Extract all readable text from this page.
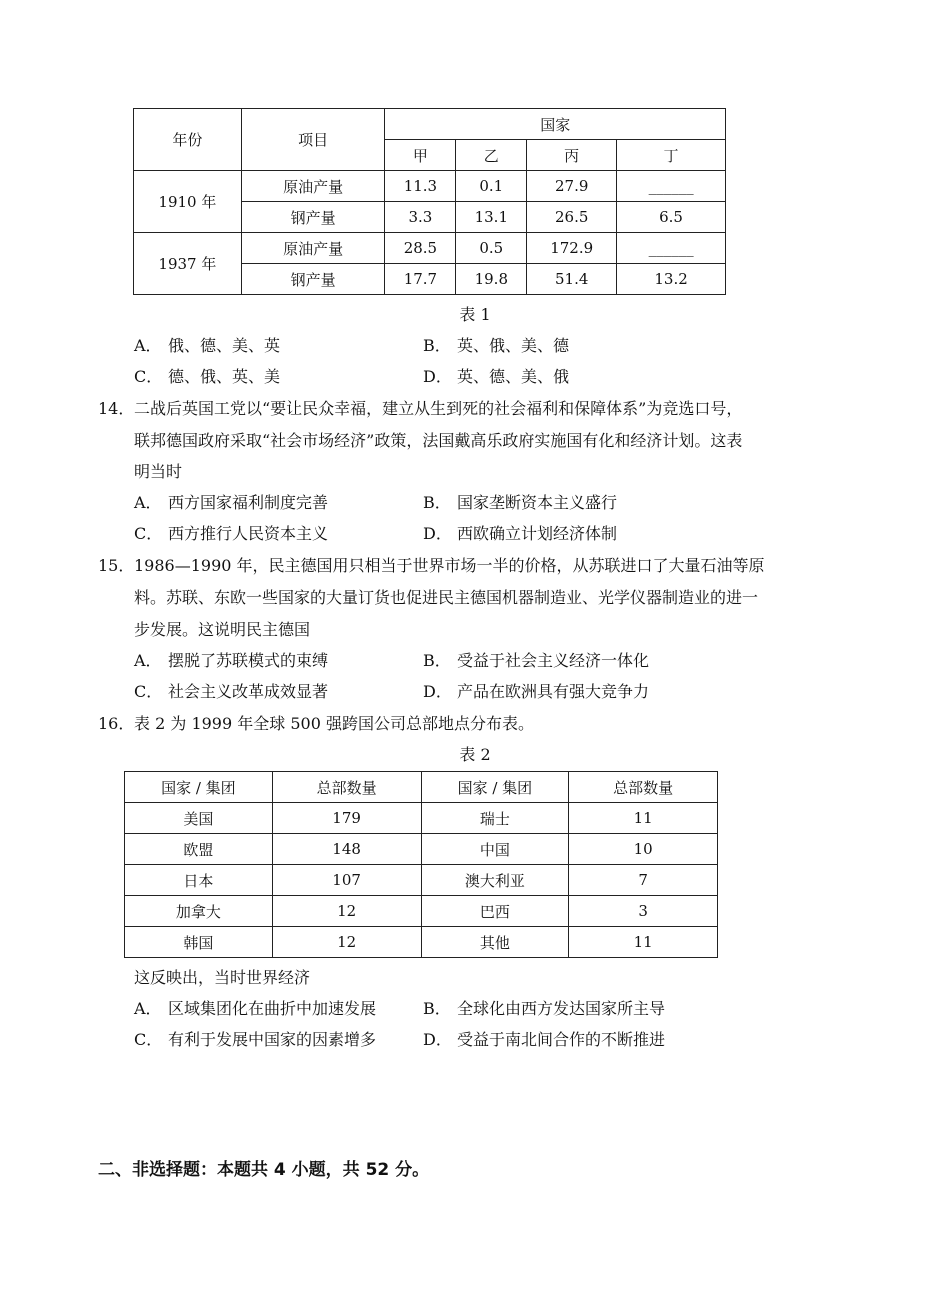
年份	项目	国家			
		甲	乙	丙	丁
1910 年	原油产量	11.3	0.1	27.9	______
	钢产量	3.3	13.1	26.5	6.5
1937 年	原油产量	28.5	0.5	172.9	______
	钢产量	17.7	19.8	51.4	13.2
表 1
A． 俄、德、美、英	B． 英、俄、美、德
C． 德、俄、英、美	D． 英、德、美、俄
14．二战后英国工党以“要让民众幸福，建立从生到死的社会福利和保障体系”为竞选口号，
联邦德国政府采取“社会市场经济”政策，法国戴高乐政府实施国有化和经济计划。这表
明当时
A． 西方国家福利制度完善	B． 国家垄断资本主义盛行
C． 西方推行人民资本主义	D． 西欧确立计划经济体制
15．1986—1990 年，民主德国用只相当于世界市场一半的价格，从苏联进口了大量石油等原
料。苏联、东欧一些国家的大量订货也促进民主德国机器制造业、光学仪器制造业的进一
步发展。这说明民主德国
A． 摆脱了苏联模式的束缚	B． 受益于社会主义经济一体化
C． 社会主义改革成效显著	D． 产品在欧洲具有强大竞争力
16．表 2 为 1999 年全球 500 强跨国公司总部地点分布表。
表 2
国家 / 集团	总部数量	国家 / 集团	总部数量
美国	179	瑞士	11
欧盟	148	中国	10
日本	107	澳大利亚	7
加拿大	12	巴西	3
韩国	12	其他	11
这反映出，当时世界经济
A． 区域集团化在曲折中加速发展	B． 全球化由西方发达国家所主导
C． 有利于发展中国家的因素增多	D． 受益于南北间合作的不断推进
二、非选择题：本题共 4 小题，共 52 分。
